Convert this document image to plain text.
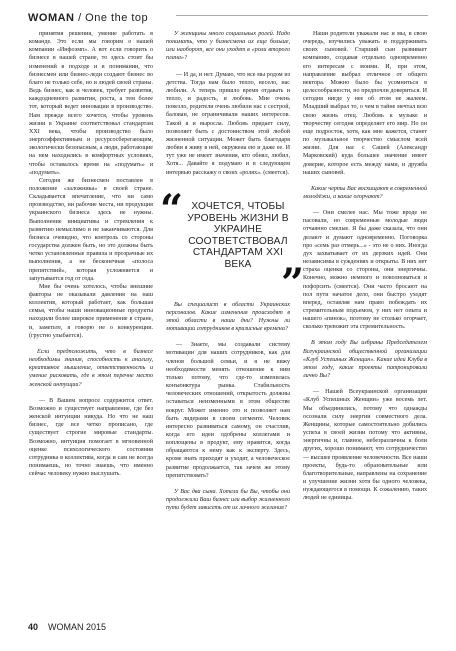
WOMAN / One the top

принятия решения, умение работать в команде. Это если мы говорим о нашей компании «Инфоэмп». А вот если говорить о бизнесе в нашей стране, то здесь стоит бы изменений в подходе и в понимании, что бизнесмен или бизнес-леди создают бизнес во благо не только себе, но и людей своей страны. Ведь бизнес, как и человек, требует развития, каждодневного развития, роста, а тем более тот, который ведет инновации в производство. Нам прежде всего хочется, чтобы уровень жизни в Украине соответствовал стандартам XXI века, чтобы производство было энергоэффективным и ресурсосберегающим, экологически безопасным, а люди, работающие на нем находились в комфортных условиях, чтобы оставалось время на «подумать» и «подумать».

Сегодня же бизнесмен поставлен в положение «заложника» в своей стране. Складывается впечатление, что ни само производство, ни рабочие места, ни продукция украинского бизнеса здесь не нужны. Выполнение инициативы и стремления к развитию немыслимо и не заканчиваются. Для бизнеса очевидно, что контроль со стороны государства должен быть, но это должны быть четко установленные правила и прозрачные их выполнения, а не бесконечная «полоса препятствий», которая усложняется и запутывается год от года.

Мне бы очень хотелось, чтобы внешние факторы не оказывали давления на наш коллектив, который работает, как большая семья, чтобы наши инновационные продукты находили более широкое применение в стране, и, заметьте, я говорю не о конкуренции. (грустно улыбается).

Если предположить, что в бизнесе необходимы знания, способность к анализу, креативное мышление, ответственность и умение рисковать, где в этом перечне место женской интуиции?

— В Вашем вопросе содержится ответ. Возможно и существует направление, где без женской интуиции никуда. Но что не наш бизнес, где все четко прописано, где существует строгие мировые стандарты. Возможно, интуиция помогает в мгновенной оценке психологического состояния сотрудника в коллектива, когда и сам не всегда понимаешь, но точно знаешь, что именно сейчас человеку нужно выслушать.

У женщины много социальных ролей. Надо понимать, что у бизнесмена их еще больше, или наоборот, все они уходят в «роли второго плана»?

— И да, и нет. Думаю, что все мы родом из детства. Тогда нам было тепло, весело, нас любили. А теперь пришло время отдавать и тепло, и радость, и любовь. Мне очень повезло, родители очень любили нас с сестрой, балован, не ограничивали наших интересов. Такой я и выросла. Любовь придает силу, позволяет быть с достоинством этой любой жизненной ситуации. Может быть благодаря любви я живу в ней, окружена ею и даже ее. И тут уже не имеет значения, кто обнял, любил, Хотя... Давайте я подумаю и в следующем интервью расскажу о своих «ролях». (смеется).

Вы специалист в области Украинских персоналов. Какие изменения происходят в этой области в наши дни? Нужны ли мотивации сотрудников в кризисные времена?

— Знаете, мы создавали систему мотивации для наших сотрудников, как для членов большой семьи, и я не вижу необходимости менять отношение к ним только потому, что где-то изменилась конъюнктура рынка. Стабильность человеческих отношений, открытость должны оставаться неизменными в этом обществе вокруг. Может именно это и позволяет нам быть лидерами в своем сегменте. Человек интересно развиваться самому, он счастлив, когда его идеи одобрены коллегами и воплощены в продукт, ему нравится, когда обращаются к нему как к эксперту. Здесь, кроме знать приходят и уходят, а человеческое развитие продолжается, так зачем же этому препятствовать?

У Вас два сына. Хотели бы Вы, чтобы они продолжили Ваш бизнес или выбор жизненного пути будет зависеть от их личного желания?

Наши родители уважали нас и мы, в свою очередь, изучились уважать и поддерживать своих сыновей. Старший сын развивает компанию, создавая отдельно одновременно его интересам с моими. И, при этом, направление выбрал отличное от общего вектора. Можно было бы усомниться в целесообразности, но предпочли довериться. И сегодня нигде у нее об этом не жалеем. Младший выбрал то, о чем в тайне мечтал всю свою жизнь отец. Любовь к музыке и творчеству сегодня определяет его мир. Но он еще подросток, хотя, как мне кажется, станет по музыкальное творчество смыслом всей жизни. Для нас с Сашей (Александр Марковский) куда большее значение имеет доверие, которое есть между нами, и дружба наших сыновей.

Какие черты Вас восхищают в современной молодёжи, а какие огорчают?

— Они смелее нас. Мы тоже вроде не пасовали, но современные молодые люди отчаянно смелые. Я бы даже сказала, что они делают и думают одновременно. Поговорка про «семь раз отмерь...» - это не о них. Иногда дух захватывает от их дерзких идей. Они независимы в суждениях и открыты. В них нет страха оценки со стороны, они энергичны. Конечно, можно немного и поволноваться и пофорсить (смеется). Они часто бросают на пол пути начатое дело, они быстро уходят вперед, оставляя нам право побеждать их стремительным подъемом, у них нет опыта и нашего «пинок», поэтому не столько огорчает, сколько тревожит эта стремительность.

В этом году Вы избраны Председателем Всеукраинской общественной организации «Клуб Успешных Женщин». Какие идеи Клуба в этом году, какие проекты патронировали лично Вы?

— Нашей Всеукраинской организации «Клуб Успешных Женщин» уже восемь лет. Мы объединились, потому что однажды осознали силу энергии совместного дела. Женщины, которые самостоятельно добились успеха в своей жизни потому что активны, энергичны и, главное, небезразличны к боли других, хорошо понимают, что сотрудничество — высшее проявление человечности. Все наши проекты, будь-то образовательные или благотворительные, направлены на сохранение и улучшение жизни хотя бы одного человека, нуждающегося в помощи. К сожалению, таких людей не единицы.

“ ХОЧЕТСЯ, ЧТОБЫ УРОВЕНЬ ЖИЗНИ В УКРАИНЕ СООТВЕТСТВОВАЛ СТАНДАРТАМ XXI ВЕКА ”
40 WOMAN 2015
